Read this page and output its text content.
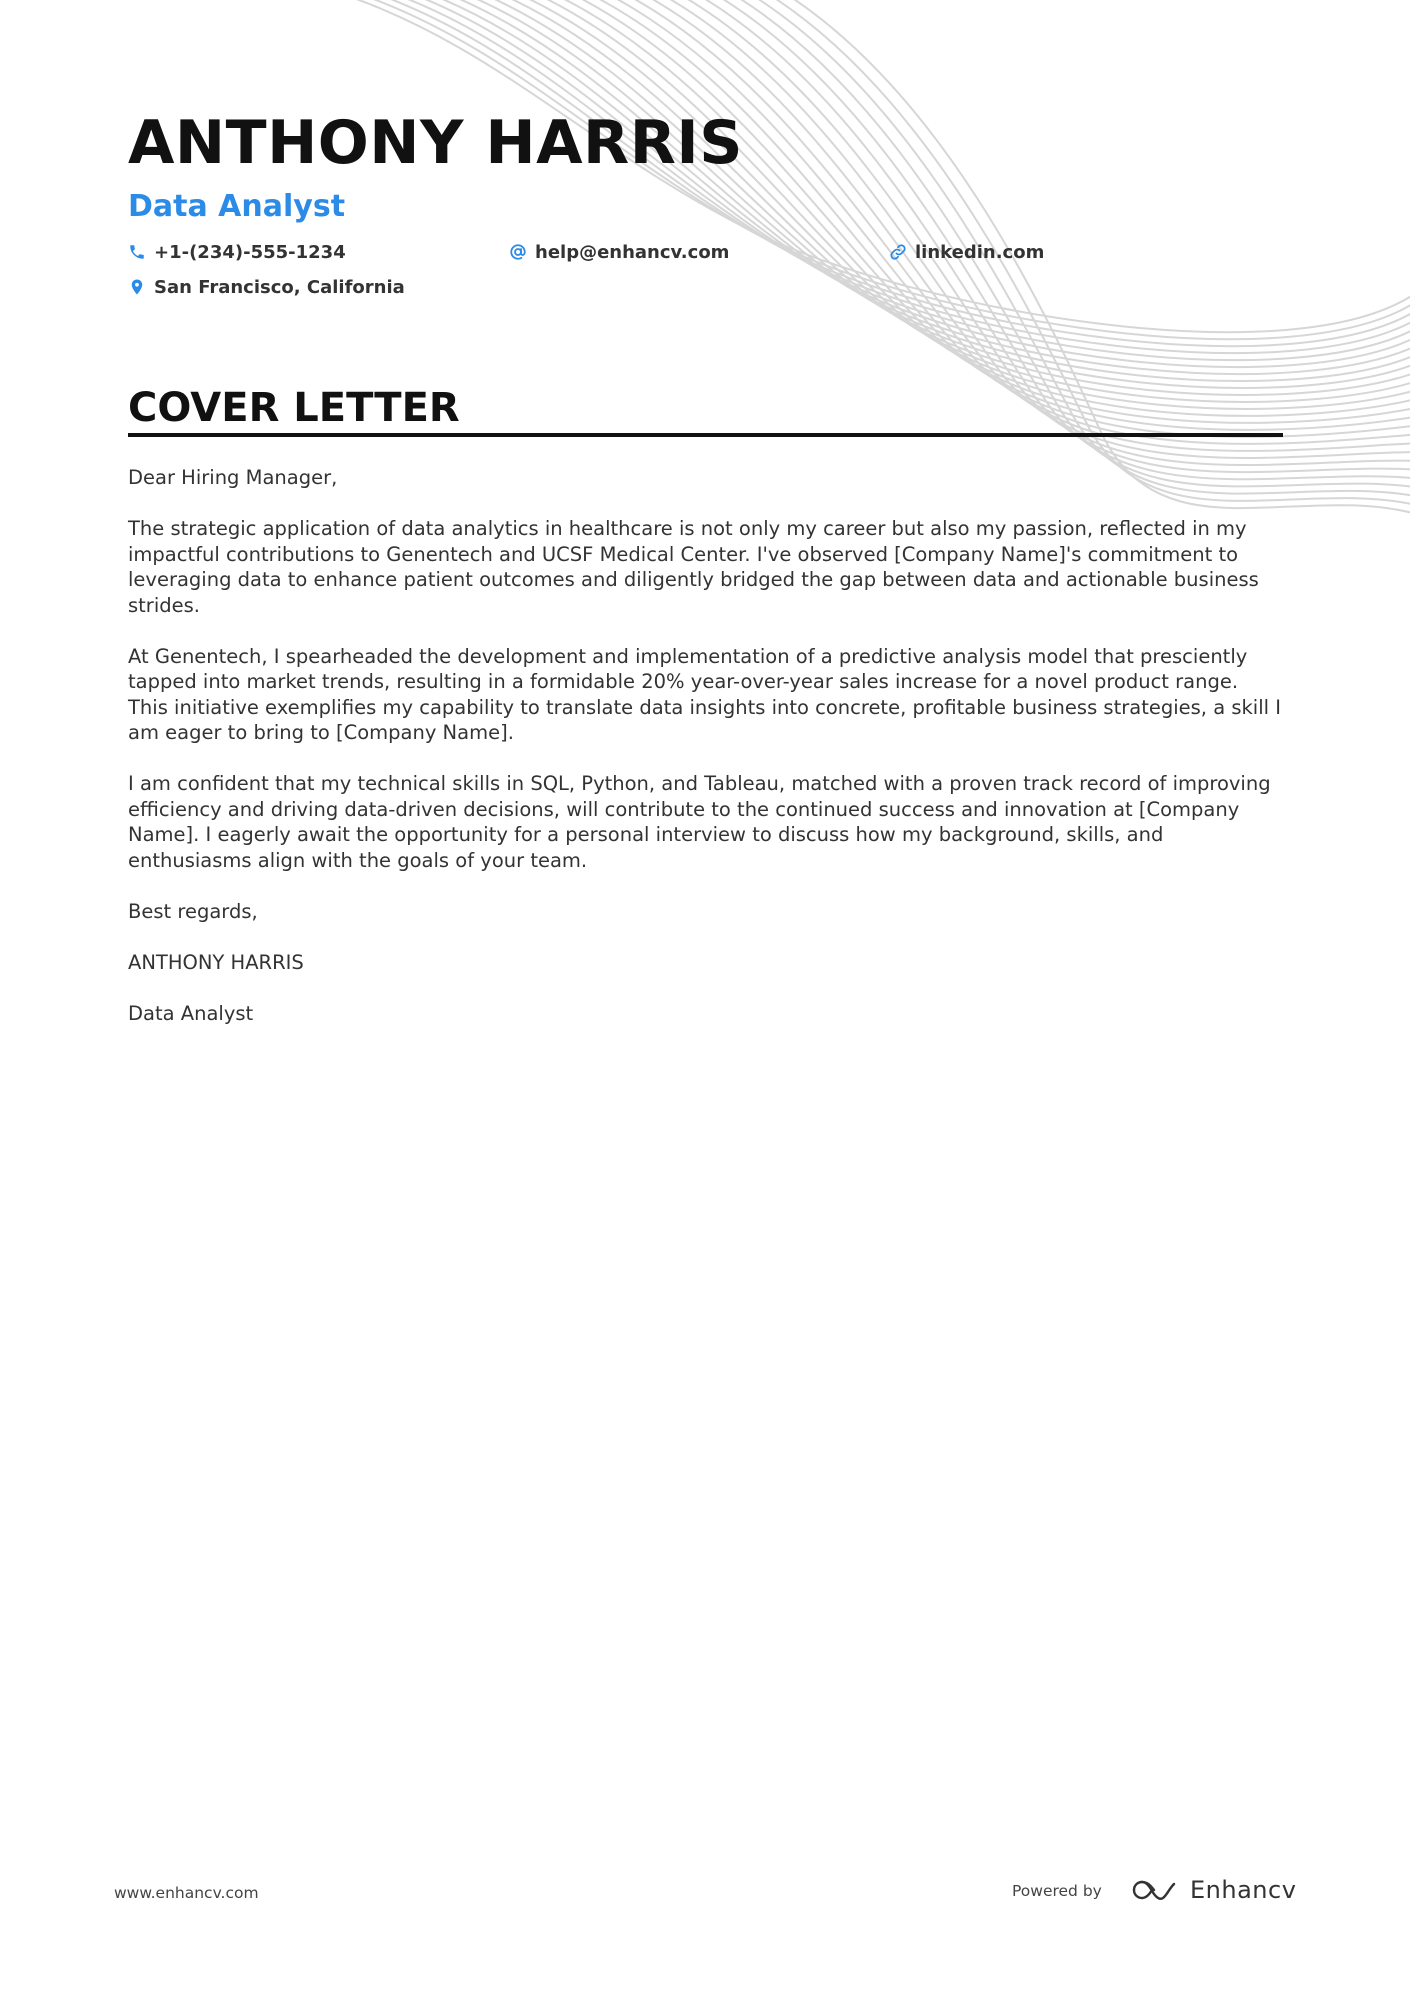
ANTHONY HARRIS
Data Analyst
+1-(234)-555-1234	help@enhancv.com	linkedin.com
San Francisco, California
COVER LETTER

Dear Hiring Manager,

The strategic application of data analytics in healthcare is not only my career but also my passion, reflected in my impactful contributions to Genentech and UCSF Medical Center. I've observed [Company Name]'s commitment to leveraging data to enhance patient outcomes and diligently bridged the gap between data and actionable business strides.

At Genentech, I spearheaded the development and implementation of a predictive analysis model that presciently tapped into market trends, resulting in a formidable 20% year-over-year sales increase for a novel product range. This initiative exemplifies my capability to translate data insights into concrete, profitable business strategies, a skill I am eager to bring to [Company Name].

I am confident that my technical skills in SQL, Python, and Tableau, matched with a proven track record of improving efficiency and driving data-driven decisions, will contribute to the continued success and innovation at [Company Name]. I eagerly await the opportunity for a personal interview to discuss how my background, skills, and enthusiasms align with the goals of your team.

Best regards,

ANTHONY HARRIS

Data Analyst

www.enhancv.com	Powered by	Enhancv
